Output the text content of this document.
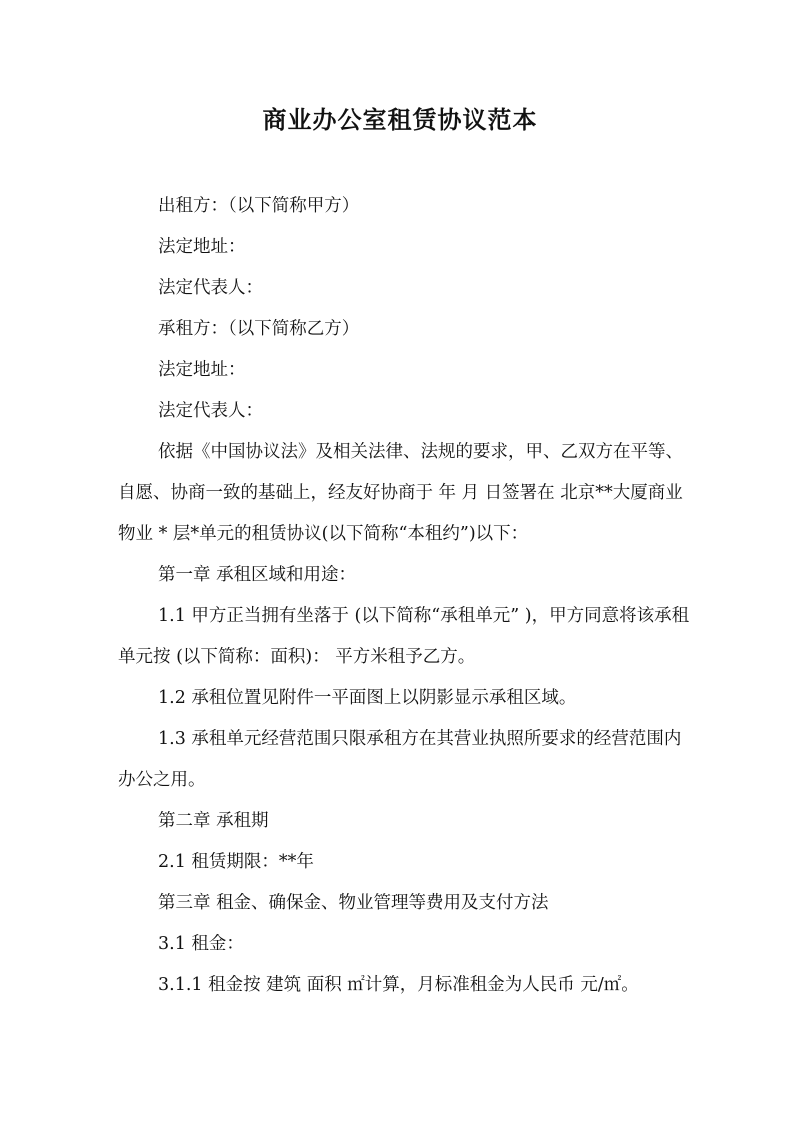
商业办公室租赁协议范本

出租方：（以下简称甲方）

法定地址：

法定代表人：

承租方：（以下简称乙方）

法定地址：

法定代表人：

依据《中国协议法》及相关法律、法规的要求，甲、乙双方在平等、自愿、协商一致的基础上，经友好协商于 年 月 日签署在 北京**大厦商业物业 * 层*单元的租赁协议(以下简称“本租约”)以下：

第一章 承租区域和用途：

1.1 甲方正当拥有坐落于 (以下简称“承租单元” )，甲方同意将该承租单元按 (以下简称：面积)： 平方米租予乙方。

1.2 承租位置见附件一平面图上以阴影显示承租区域。

1.3 承租单元经营范围只限承租方在其营业执照所要求的经营范围内办公之用。

第二章 承租期

2.1 租赁期限：**年

第三章 租金、确保金、物业管理等费用及支付方法

3.1 租金：

3.1.1 租金按 建筑 面积 ㎡计算，月标准租金为人民币 元/㎡。
